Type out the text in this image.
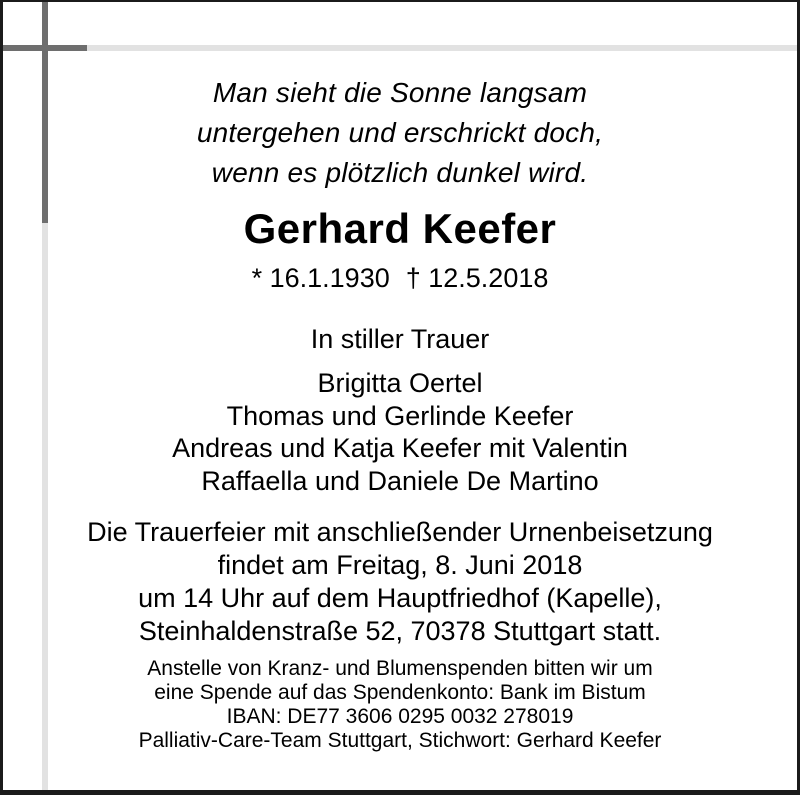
Man sieht die Sonne langsam
untergehen und erschrickt doch,
wenn es plötzlich dunkel wird.
Gerhard Keefer
* 16.1.1930 † 12.5.2018
In stiller Trauer
Brigitta Oertel
Thomas und Gerlinde Keefer
Andreas und Katja Keefer mit Valentin
Raffaella und Daniele De Martino
Die Trauerfeier mit anschließender Urnenbeisetzung
findet am Freitag, 8. Juni 2018
um 14 Uhr auf dem Hauptfriedhof (Kapelle),
Steinhaldenstraße 52, 70378 Stuttgart statt.
Anstelle von Kranz- und Blumenspenden bitten wir um
eine Spende auf das Spendenkonto: Bank im Bistum
IBAN: DE77 3606 0295 0032 278019
Palliativ-Care-Team Stuttgart, Stichwort: Gerhard Keefer
